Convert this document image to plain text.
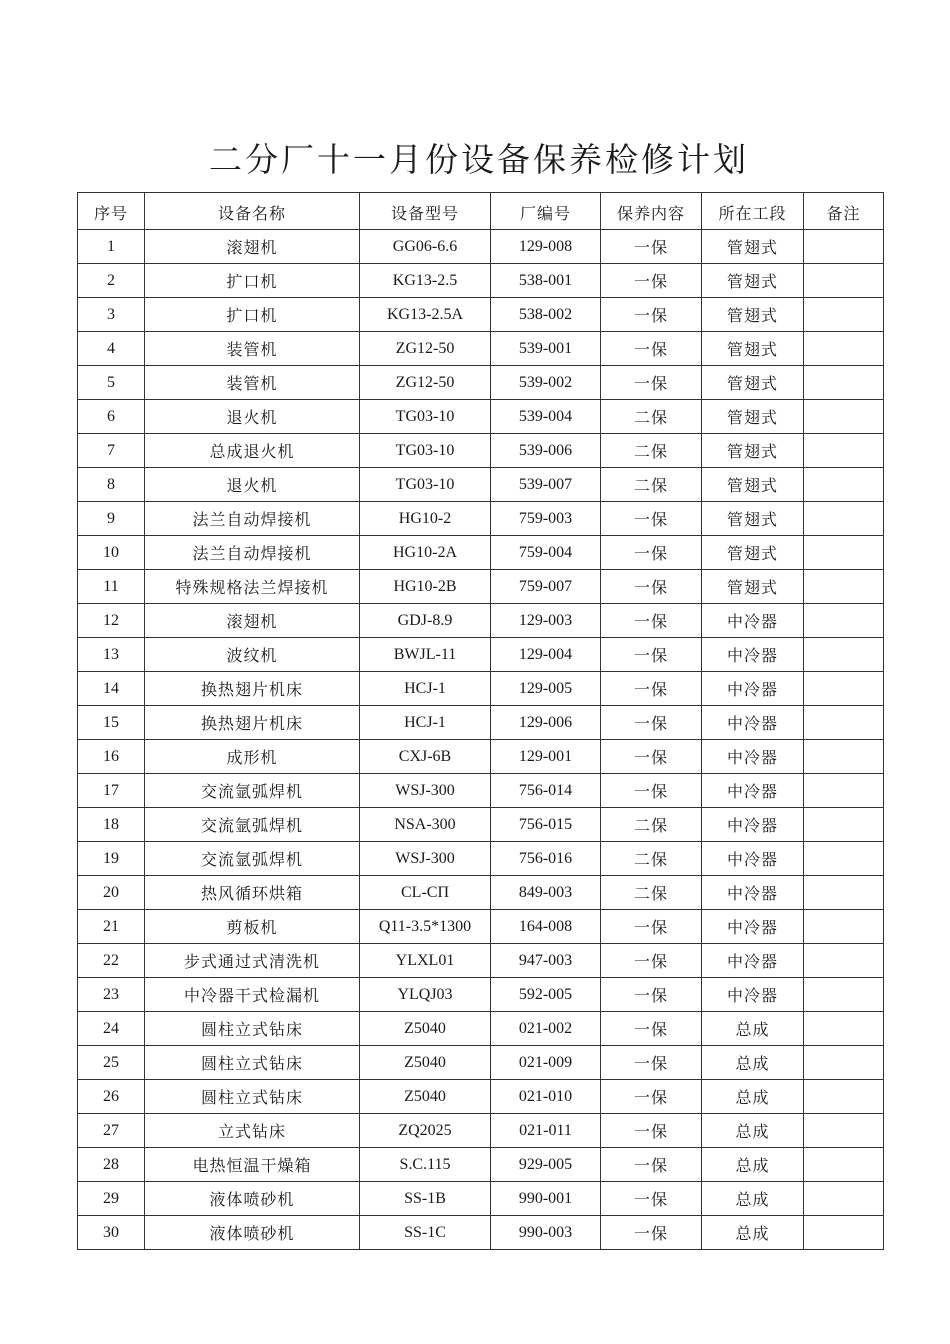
二分厂十一月份设备保养检修计划
序号	设备名称	设备型号	厂编号	保养内容	所在工段	备注
1	滚翅机	GG06-6.6	129-008	一保	管翅式	
2	扩口机	KG13-2.5	538-001	一保	管翅式	
3	扩口机	KG13-2.5A	538-002	一保	管翅式	
4	装管机	ZG12-50	539-001	一保	管翅式	
5	装管机	ZG12-50	539-002	一保	管翅式	
6	退火机	TG03-10	539-004	二保	管翅式	
7	总成退火机	TG03-10	539-006	二保	管翅式	
8	退火机	TG03-10	539-007	二保	管翅式	
9	法兰自动焊接机	HG10-2	759-003	一保	管翅式	
10	法兰自动焊接机	HG10-2A	759-004	一保	管翅式	
11	特殊规格法兰焊接机	HG10-2B	759-007	一保	管翅式	
12	滚翅机	GDJ-8.9	129-003	一保	中冷器	
13	波纹机	BWJL-11	129-004	一保	中冷器	
14	换热翅片机床	HCJ-1	129-005	一保	中冷器	
15	换热翅片机床	HCJ-1	129-006	一保	中冷器	
16	成形机	CXJ-6B	129-001	一保	中冷器	
17	交流氩弧焊机	WSJ-300	756-014	一保	中冷器	
18	交流氩弧焊机	NSA-300	756-015	二保	中冷器	
19	交流氩弧焊机	WSJ-300	756-016	二保	中冷器	
20	热风循环烘箱	CL-CП	849-003	二保	中冷器	
21	剪板机	Q11-3.5*1300	164-008	一保	中冷器	
22	步式通过式清洗机	YLXL01	947-003	一保	中冷器	
23	中冷器干式检漏机	YLQJ03	592-005	一保	中冷器	
24	圆柱立式钻床	Z5040	021-002	一保	总成	
25	圆柱立式钻床	Z5040	021-009	一保	总成	
26	圆柱立式钻床	Z5040	021-010	一保	总成	
27	立式钻床	ZQ2025	021-011	一保	总成	
28	电热恒温干燥箱	S.C.115	929-005	一保	总成	
29	液体喷砂机	SS-1B	990-001	一保	总成	
30	液体喷砂机	SS-1C	990-003	一保	总成	
